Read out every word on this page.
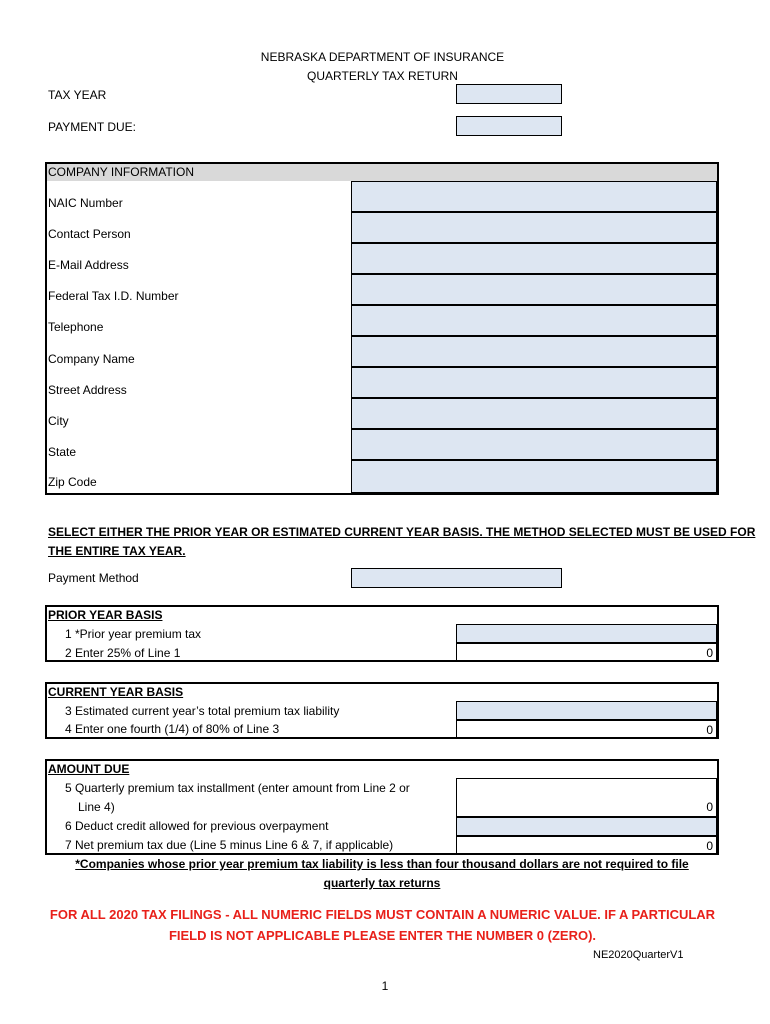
NEBRASKA DEPARTMENT OF INSURANCE
QUARTERLY TAX RETURN
TAX YEAR
PAYMENT DUE:
COMPANY INFORMATION
NAIC Number
Contact Person
E-Mail Address
Federal Tax I.D. Number
Telephone
Company Name
Street Address
City
State
Zip Code
SELECT EITHER THE PRIOR YEAR OR ESTIMATED CURRENT YEAR BASIS. THE METHOD SELECTED MUST BE USED FOR
THE ENTIRE TAX YEAR.
Payment Method
PRIOR YEAR BASIS
1 *Prior year premium tax
2 Enter 25% of Line 1	0
CURRENT YEAR BASIS
3 Estimated current year’s total premium tax liability
4 Enter one fourth (1/4) of 80% of Line 3	0
AMOUNT DUE
5 Quarterly premium tax installment (enter amount from Line 2 or
Line 4)	0
6 Deduct credit allowed for previous overpayment
7 Net premium tax due (Line 5 minus Line 6 & 7, if applicable)	0
*Companies whose prior year premium tax liability is less than four thousand dollars are not required to file
quarterly tax returns
FOR ALL 2020 TAX FILINGS - ALL NUMERIC FIELDS MUST CONTAIN A NUMERIC VALUE. IF A PARTICULAR
FIELD IS NOT APPLICABLE PLEASE ENTER THE NUMBER 0 (ZERO).
NE2020QuarterV1
1
